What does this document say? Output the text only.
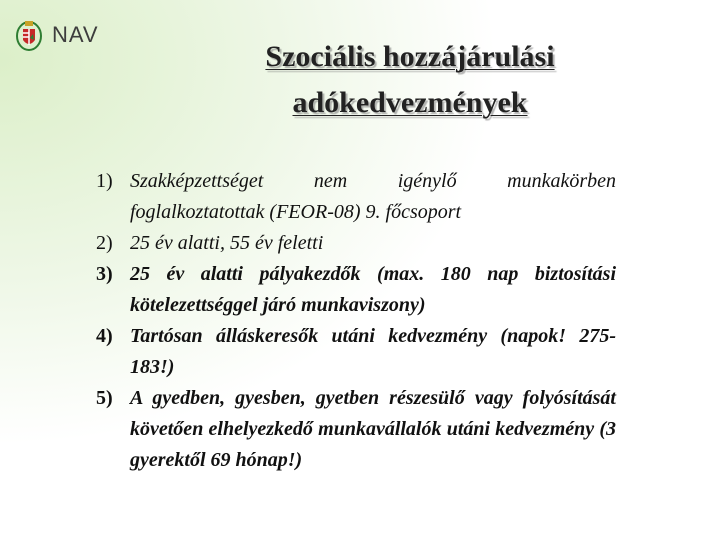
NAV
Szociális hozzájárulási
adókedvezmények
1) Szakképzettséget nem igénylő munkakörben foglalkoztatottak (FEOR-08) 9. főcsoport
2) 25 év alatti, 55 év feletti
3) 25 év alatti pályakezdők (max. 180 nap biztosítási kötelezettséggel járó munkaviszony)
4) Tartósan álláskeresők utáni kedvezmény (napok! 275-183!)
5) A gyedben, gyesben, gyetben részesülő vagy folyósítását követően elhelyezkedő munkavállalók utáni kedvezmény (3 gyerektől 69 hónap!)
